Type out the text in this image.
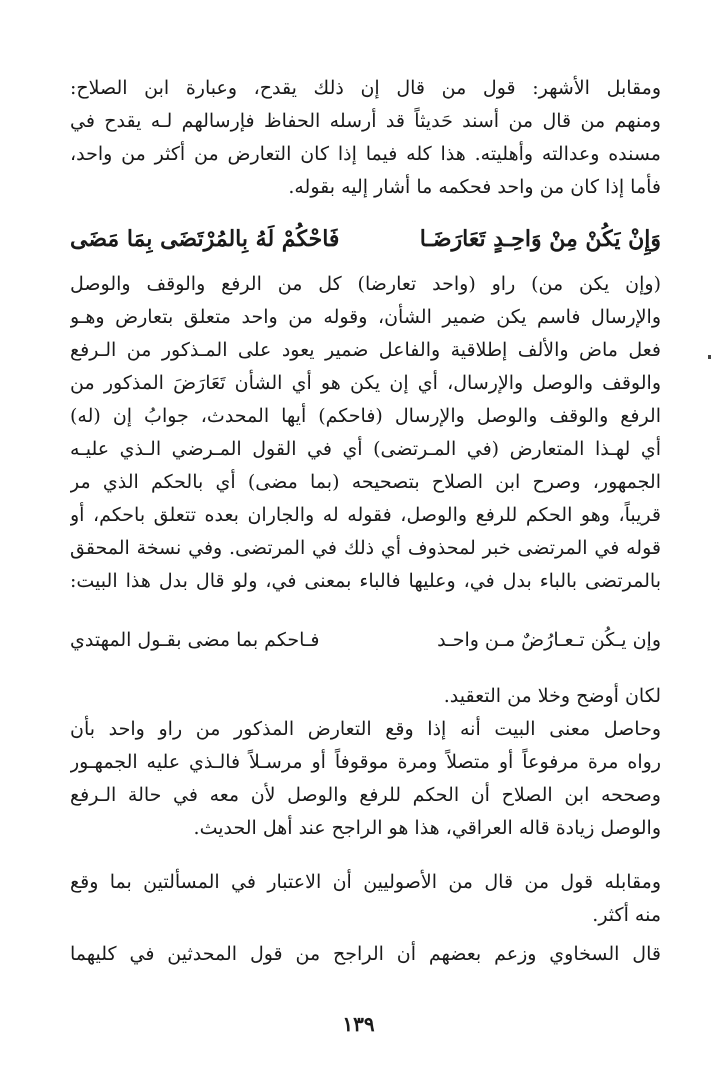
ومقابل الأشهر: قول من قال إن ذلك يقدح، وعبارة ابن الصلاح:
ومنهم من قال من أسند حَديثاً قد أرسله الحفاظ فإرسالهم لـه يقدح في
مسنده وعدالته وأهليته. هذا كله فيما إذا كان التعارض من أكثر من واحد،
فأما إذا كان من واحد فحكمه ما أشار إليه بقوله.
وَإِنْ يَكُنْ مِنْ وَاحِـدٍ تَعَارَضَـا
فَاحْكُمْ لَهُ بِالمُرْتَضَى بِمَا مَضَى
(وإن يكن من) راو (واحد تعارضا) كل من الرفع والوقف والوصل
والإرسال فاسم يكن ضمير الشأن، وقوله من واحد متعلق بتعارض وهـو
فعل ماض والألف إطلاقية والفاعل ضمير يعود على المـذكور من الـرفع
والوقف والوصل والإرسال، أي إن يكن هو أي الشأن تَعَارَضَ المذكور من
الرفع والوقف والوصل والإرسال (فاحكم) أيها المحدث، جوابُ إن (له)
أي لهـذا المتعارض (في المـرتضى) أي في القول المـرضي الـذي عليـه
الجمهور، وصرح ابن الصلاح بتصحيحه (بما مضى) أي بالحكم الذي مر
قريباً، وهو الحكم للرفع والوصل، فقوله له والجاران بعده تتعلق باحكم، أو
قوله في المرتضى خبر لمحذوف أي ذلك في المرتضى. وفي نسخة المحقق
بالمرتضى بالباء بدل في، وعليها فالباء بمعنى في، ولو قال بدل هذا البيت:
وإن يـكُن تـعـارُضٌ مـن واحـد
فـاحكم بما مضى بقـول المهتدي
لكان أوضح وخلا من التعقيد.
وحاصل معنى البيت أنه إذا وقع التعارض المذكور من راو واحد بأن
رواه مرة مرفوعاً أو متصلاً ومرة موقوفاً أو مرسـلاً فالـذي عليه الجمهـور
وصححه ابن الصلاح أن الحكم للرفع والوصل لأن معه في حالة الـرفع
والوصل زيادة قاله العراقي، هذا هو الراجح عند أهل الحديث.
ومقابله قول من قال من الأصوليين أن الاعتبار في المسألتين بما وقع
منه أكثر.
قال السخاوي وزعم بعضهم أن الراجح من قول المحدثين في كليهما
١٣٩
